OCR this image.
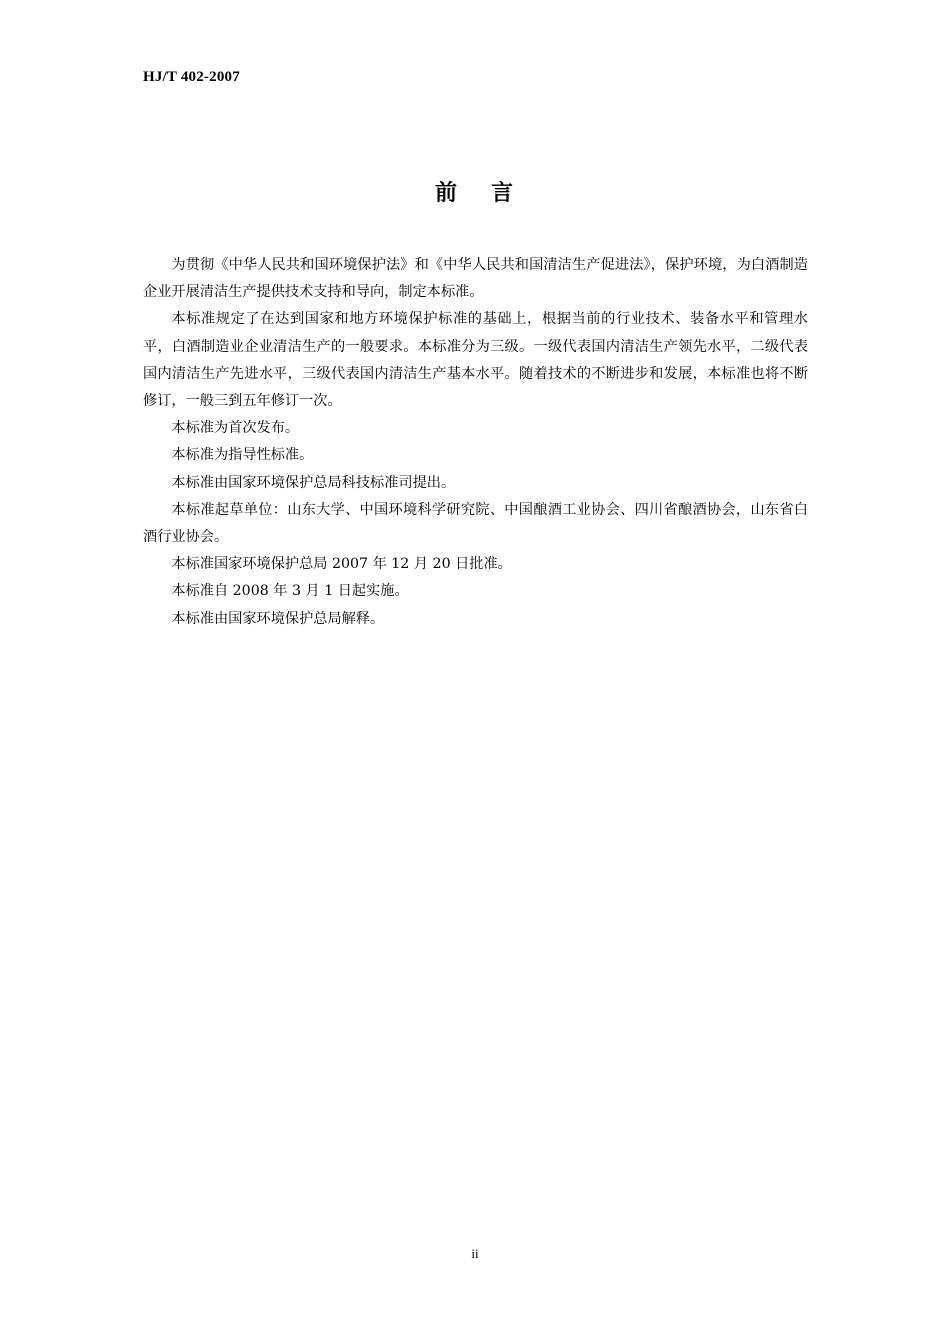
HJ/T 402-2007
前 言

为贯彻《中华人民共和国环境保护法》和《中华人民共和国清洁生产促进法》，保护环境，为白酒制造企业开展清洁生产提供技术支持和导向，制定本标准。

本标准规定了在达到国家和地方环境保护标准的基础上，根据当前的行业技术、装备水平和管理水平，白酒制造业企业清洁生产的一般要求。本标准分为三级。一级代表国内清洁生产领先水平，二级代表国内清洁生产先进水平，三级代表国内清洁生产基本水平。随着技术的不断进步和发展，本标准也将不断修订，一般三到五年修订一次。

本标准为首次发布。

本标准为指导性标准。

本标准由国家环境保护总局科技标准司提出。

本标准起草单位：山东大学、中国环境科学研究院、中国酿酒工业协会、四川省酿酒协会，山东省白酒行业协会。

本标准国家环境保护总局 2007 年 12 月 20 日批准。

本标准自 2008 年 3 月 1 日起实施。

本标准由国家环境保护总局解释。

ii
